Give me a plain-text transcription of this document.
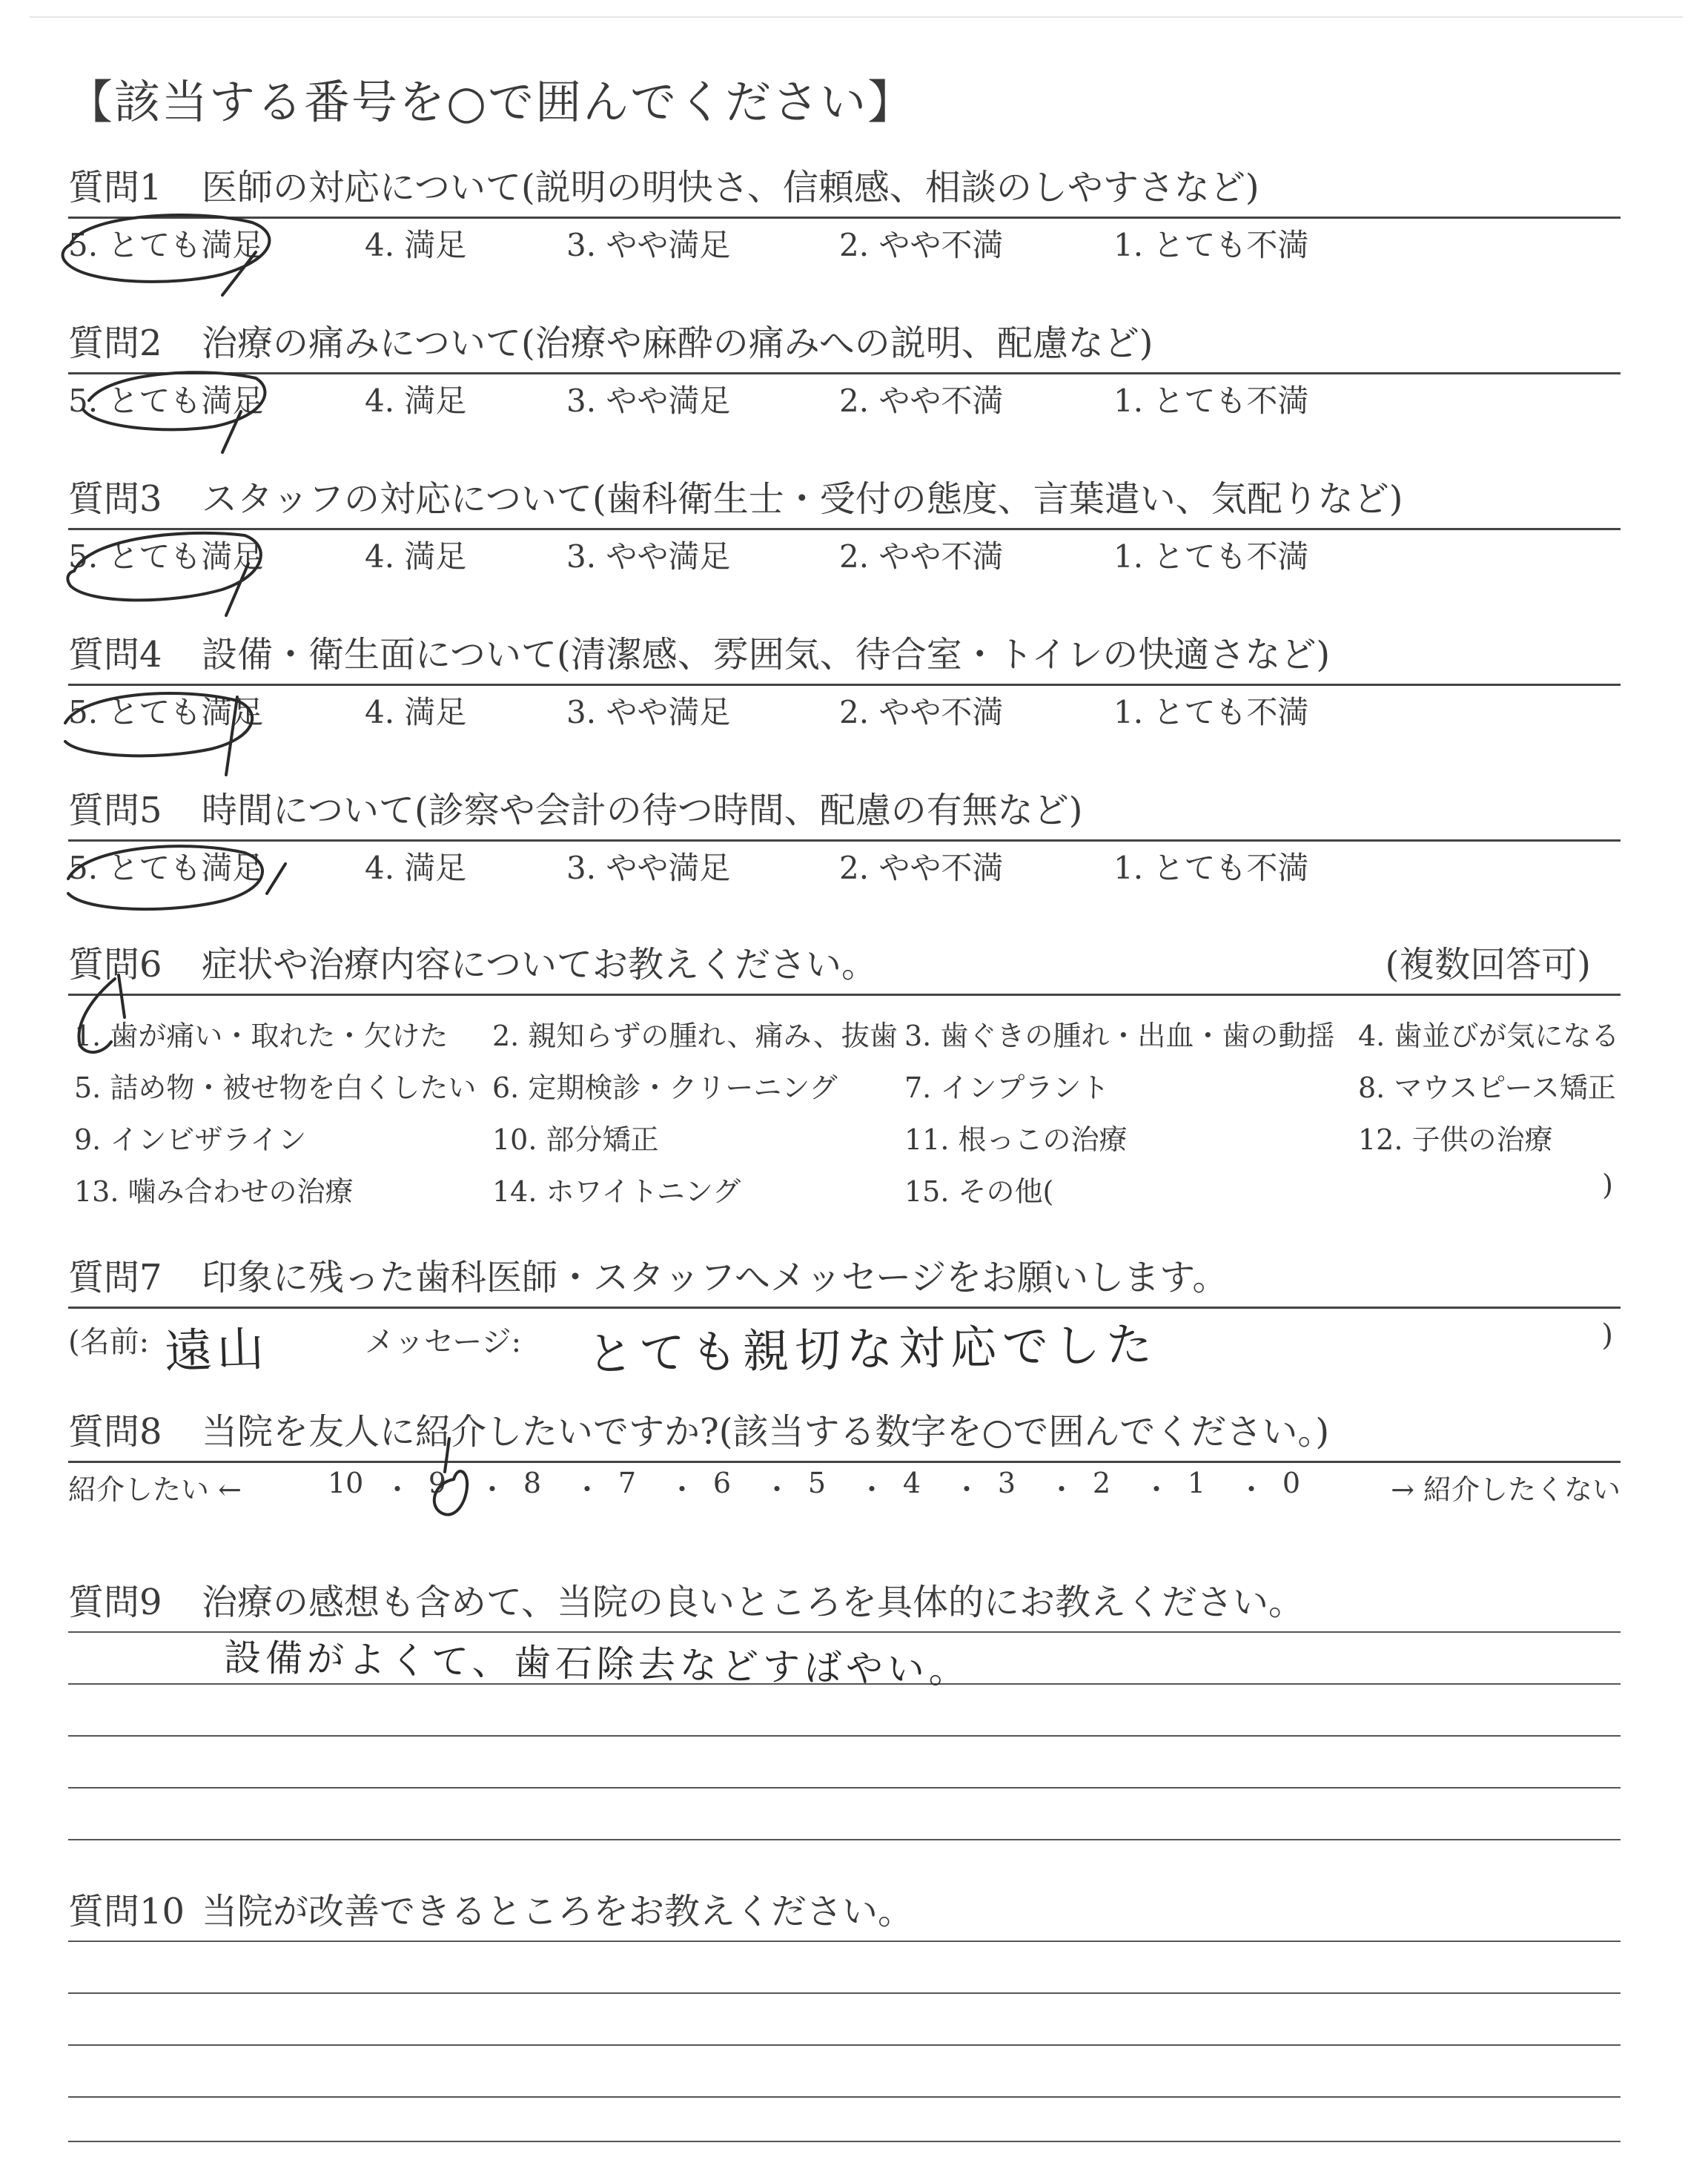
【該当する番号を○で囲んでください】
質問1 医師の対応について(説明の明快さ、信頼感、相談のしやすさなど)
5. とても満足	4. 満足	3. やや満足	2. やや不満	1. とても不満
質問2 治療の痛みについて(治療や麻酔の痛みへの説明、配慮など)
5. とても満足	4. 満足	3. やや満足	2. やや不満	1. とても不満
質問3 スタッフの対応について(歯科衛生士・受付の態度、言葉遣い、気配りなど)
5. とても満足	4. 満足	3. やや満足	2. やや不満	1. とても不満
質問4 設備・衛生面について(清潔感、雰囲気、待合室・トイレの快適さなど)
5. とても満足	4. 満足	3. やや満足	2. やや不満	1. とても不満
質問5 時間について(診察や会計の待つ時間、配慮の有無など)
5. とても満足	4. 満足	3. やや満足	2. やや不満	1. とても不満
質問6 症状や治療内容についてお教えください。	(複数回答可)
1. 歯が痛い・取れた・欠けた 2. 親知らずの腫れ、痛み、抜歯 3. 歯ぐきの腫れ・出血・歯の動揺 4. 歯並びが気になる
5. 詰め物・被せ物を白くしたい 6. 定期検診・クリーニング 7. インプラント	8. マウスピース矯正
9. インビザライン	10. 部分矯正	11. 根っこの治療	12. 子供の治療
13. 噛み合わせの治療	14. ホワイトニング	15. その他(	)
質問7 印象に残った歯科医師・スタッフへメッセージをお願いします。
(名前: 遠山	メッセージ: とても親切な対応でした	)
質問8 当院を友人に紹介したいですか?(該当する数字を○で囲んでください。)
紹介したい ←	10 ・ 9 ・ 8 ・ 7 ・ 6 ・ 5 ・ 4 ・ 3 ・ 2 ・ 1 ・ 0	→ 紹介したくない
質問9 治療の感想も含めて、当院の良いところを具体的にお教えください。
設備がよくて、歯石除去などすばやい。
質問10 当院が改善できるところをお教えください。
